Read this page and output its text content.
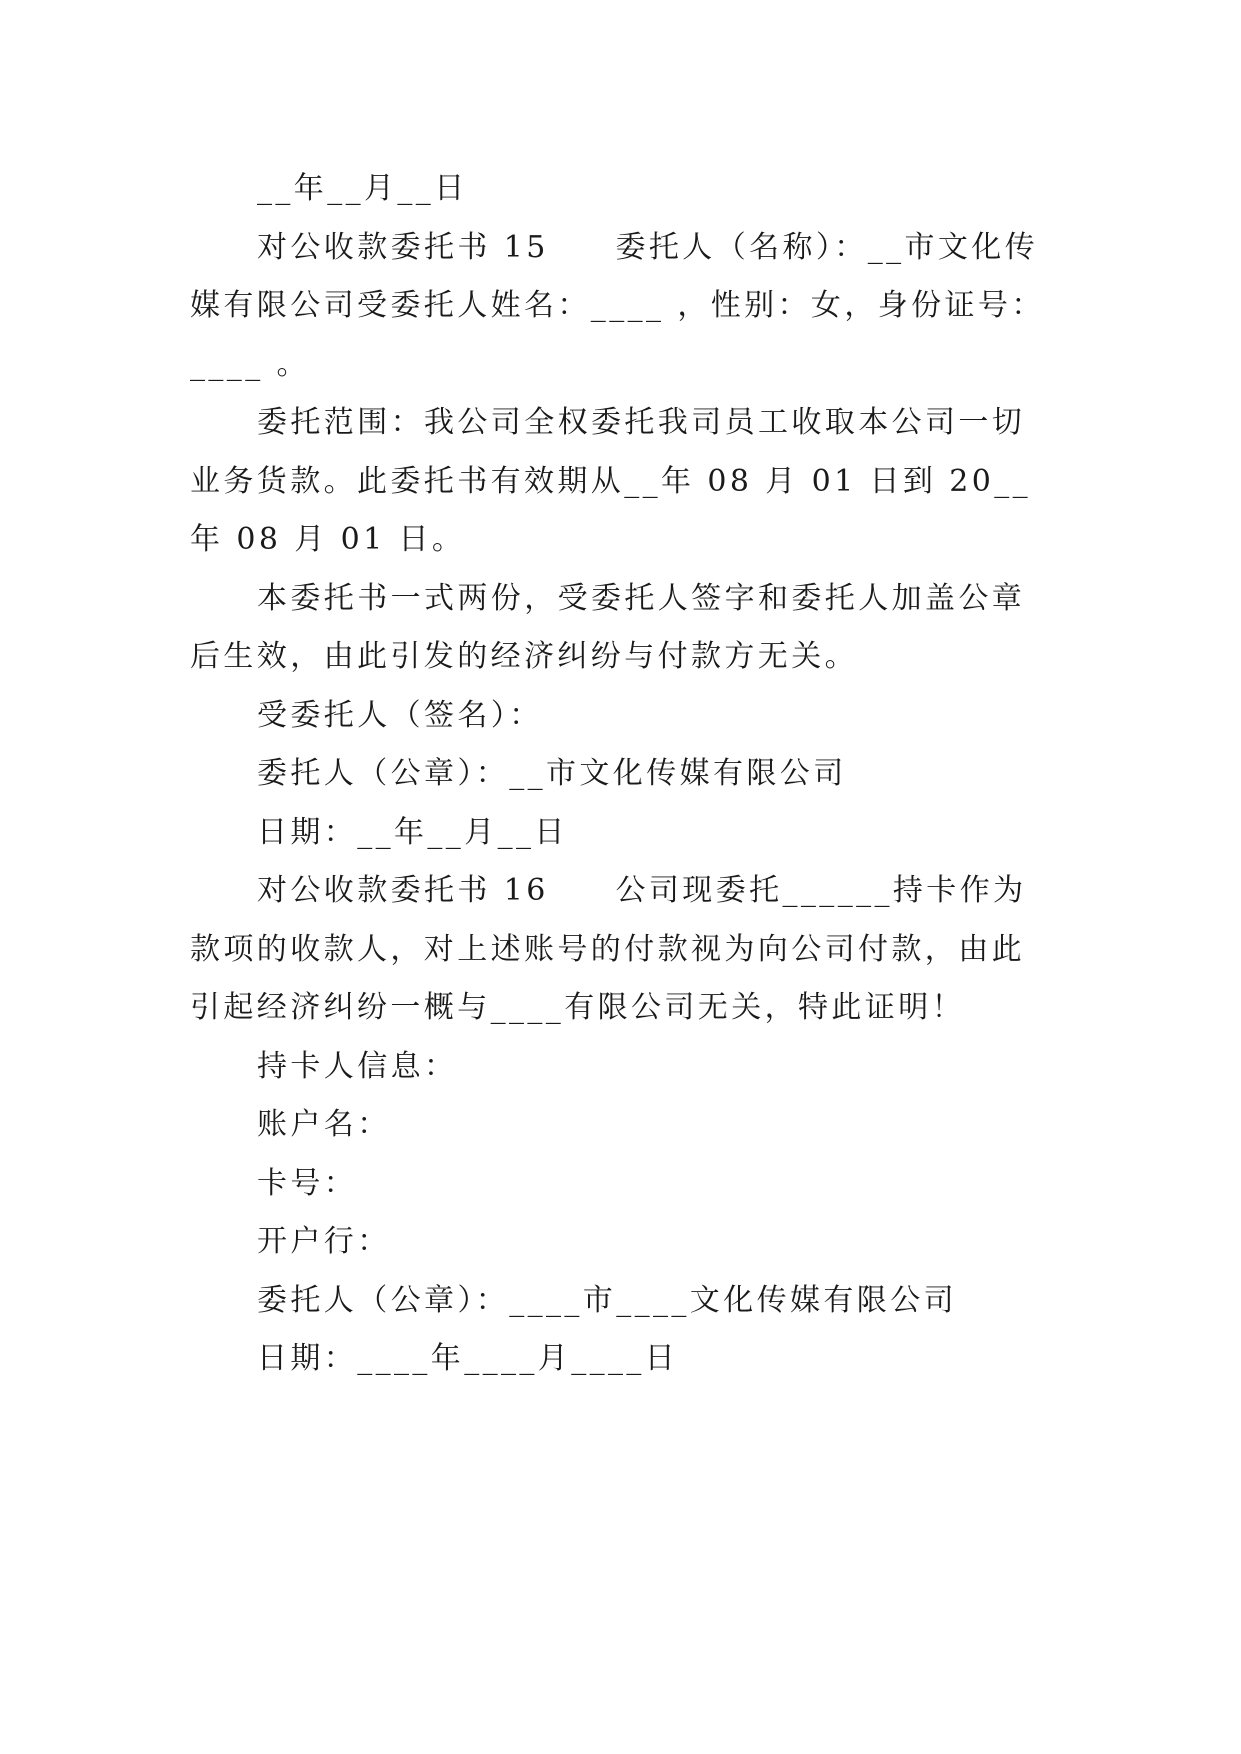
__年__月__日

对公收款委托书 15　　委托人（名称）：__市文化传媒有限公司受委托人姓名：____ ，性别：女，身份证号：____ 。

委托范围：我公司全权委托我司员工收取本公司一切业务货款。此委托书有效期从__年 08 月 01 日到 20__年 08 月 01 日。

本委托书一式两份，受委托人签字和委托人加盖公章后生效，由此引发的经济纠纷与付款方无关。

受委托人（签名）：

委托人（公章）：__市文化传媒有限公司

日期：__年__月__日

对公收款委托书 16　　公司现委托______持卡作为款项的收款人，对上述账号的付款视为向公司付款，由此引起经济纠纷一概与____有限公司无关，特此证明！

持卡人信息：

账户名：

卡号：

开户行：

委托人（公章）：____市____文化传媒有限公司

日期：____年____月____日
